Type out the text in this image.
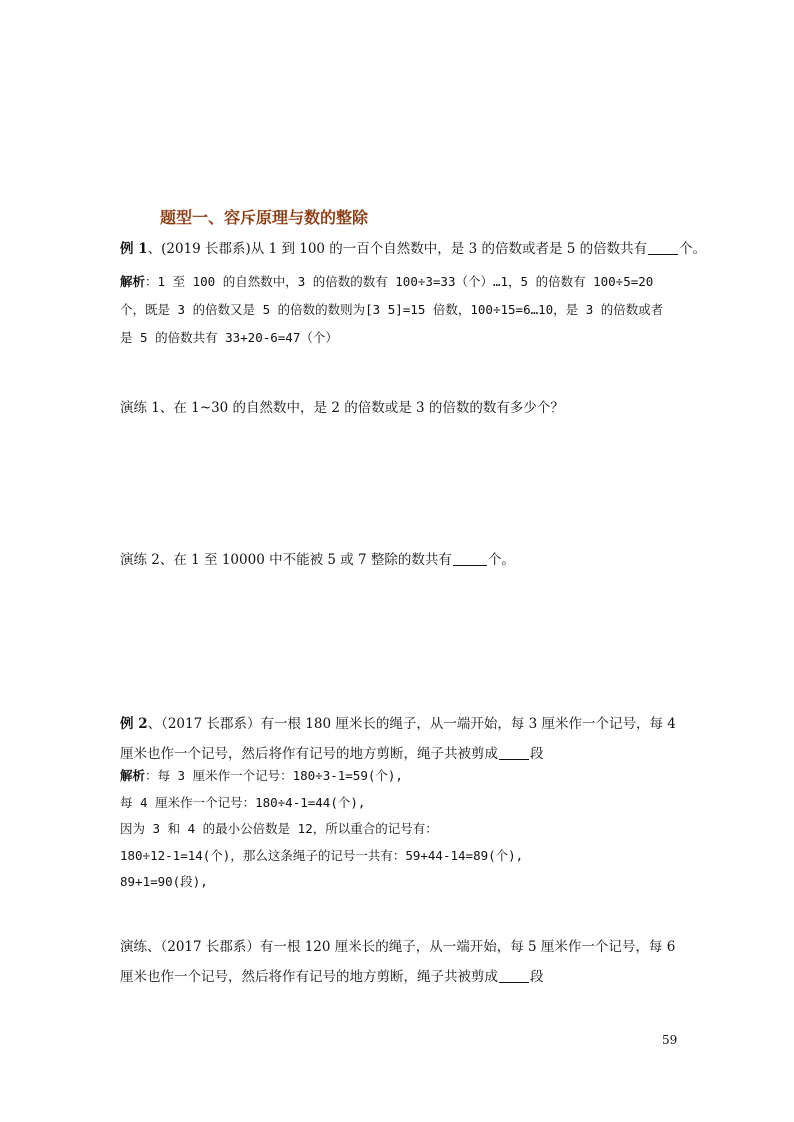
题型一、容斥原理与数的整除
例 1、(2019 长郡系)从 1 到 100 的一百个自然数中，是 3 的倍数或者是 5 的倍数共有 个。
解析：1 至 100 的自然数中，3 的倍数的数有 100÷3=33（个）…1，5 的倍数有 100÷5=20
个，既是 3 的倍数又是 5 的倍数的数则为[3 5]=15 倍数，100÷15=6…10，是 3 的倍数或者
是 5 的倍数共有 33+20-6=47（个）
演练 1、在 1~30 的自然数中，是 2 的倍数或是 3 的倍数的数有多少个？
演练 2、在 1 至 10000 中不能被 5 或 7 整除的数共有	个。
例 2、（2017 长郡系）有一根 180 厘米长的绳子，从一端开始，每 3 厘米作一个记号，每 4
厘米也作一个记号，然后将作有记号的地方剪断，绳子共被剪成 段
解析：每 3 厘米作一个记号：180÷3-1=59(个),
每 4 厘米作一个记号：180÷4-1=44(个),
因为 3 和 4 的最小公倍数是 12，所以重合的记号有：
180÷12-1=14(个)，那么这条绳子的记号一共有：59+44-14=89(个),
89+1=90(段),
演练、（2017 长郡系）有一根 120 厘米长的绳子，从一端开始，每 5 厘米作一个记号，每 6
厘米也作一个记号，然后将作有记号的地方剪断，绳子共被剪成 段
59
